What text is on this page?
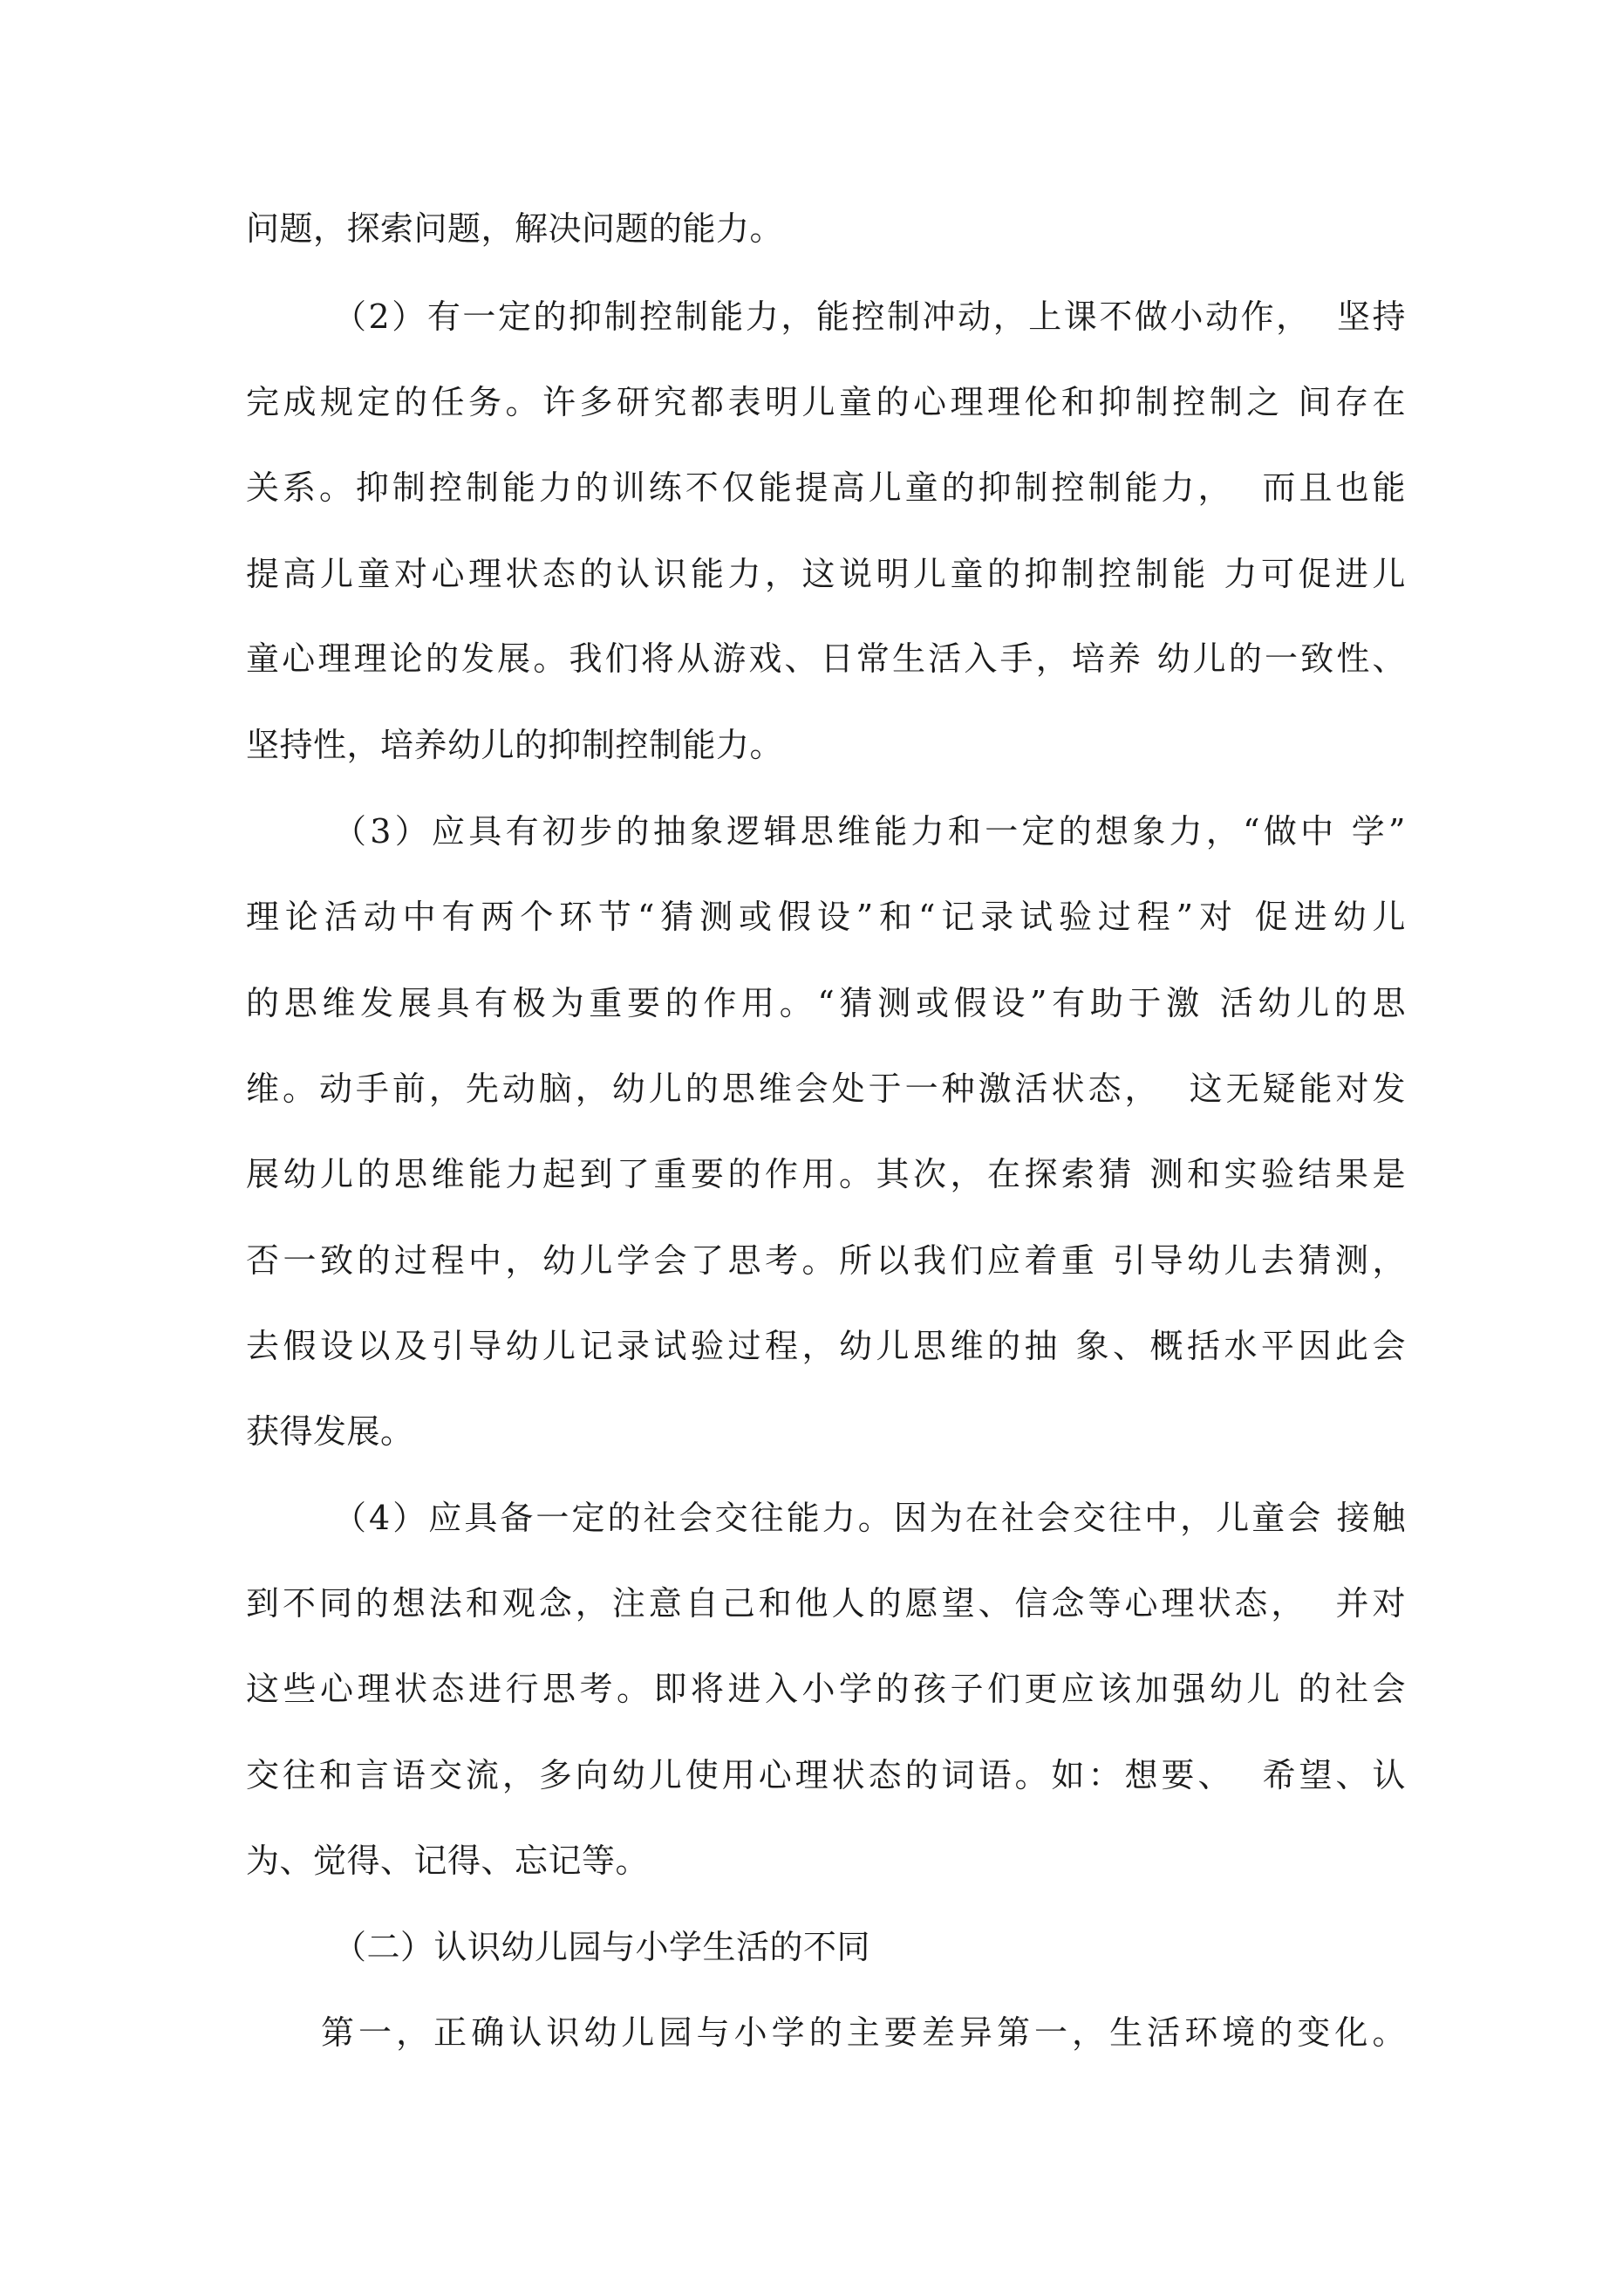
问题，探索问题，解决问题的能力。
（2）有一定的抑制控制能力，能控制冲动，上课不做小动作，  坚持
完成规定的任务。许多研究都表明儿童的心理理伦和抑制控制之 间存在
关系。抑制控制能力的训练不仅能提高儿童的抑制控制能力，  而且也能
提高儿童对心理状态的认识能力，这说明儿童的抑制控制能 力可促进儿
童心理理论的发展。我们将从游戏、日常生活入手，培养 幼儿的一致性、
坚持性，培养幼儿的抑制控制能力。
（3）应具有初步的抽象逻辑思维能力和一定的想象力，“做中 学”
理论活动中有两个环节“猜测或假设”和“记录试验过程”对 促进幼儿
的思维发展具有极为重要的作用。“猜测或假设”有助于激 活幼儿的思
维。动手前，先动脑，幼儿的思维会处于一种激活状态，  这无疑能对发
展幼儿的思维能力起到了重要的作用。其次，在探索猜 测和实验结果是
否一致的过程中，幼儿学会了思考。所以我们应着重 引导幼儿去猜测，
去假设以及引导幼儿记录试验过程，幼儿思维的抽 象、概括水平因此会
获得发展。
（4）应具备一定的社会交往能力。因为在社会交往中，儿童会 接触
到不同的想法和观念，注意自己和他人的愿望、信念等心理状态，  并对
这些心理状态进行思考。即将进入小学的孩子们更应该加强幼儿 的社会
交往和言语交流，多向幼儿使用心理状态的词语。如：想要、  希望、认
为、觉得、记得、忘记等。
（二）认识幼儿园与小学生活的不同
第一，正确认识幼儿园与小学的主要差异第一，生活环境的变化。
